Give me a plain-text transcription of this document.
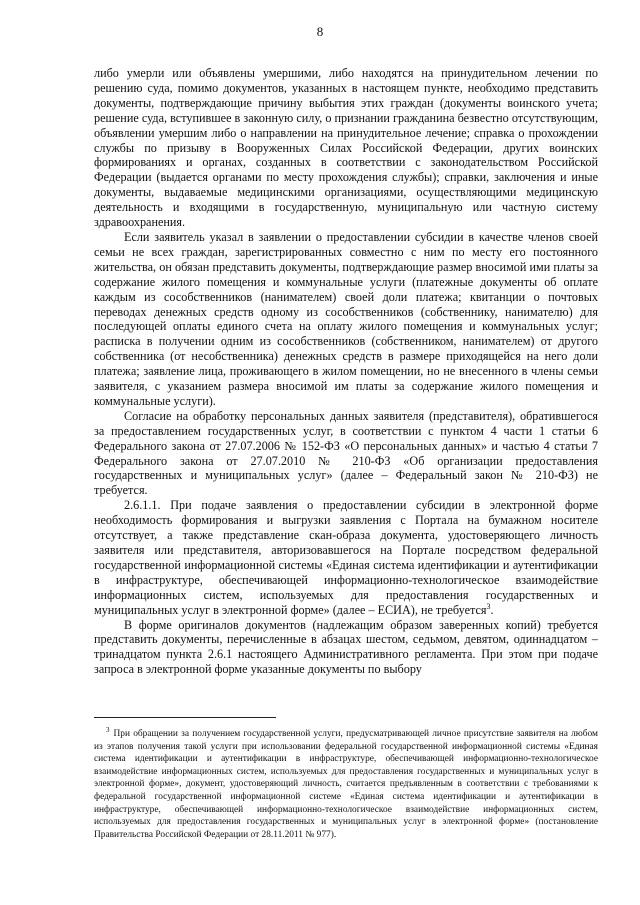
8

либо умерли или объявлены умершими, либо находятся на принудительном лечении по решению суда, помимо документов, указанных в настоящем пункте, необходимо представить документы, подтверждающие причину выбытия этих граждан (документы воинского учета; решение суда, вступившее в законную силу, о признании гражданина безвестно отсутствующим, объявлении умершим либо о направлении на принудительное лечение; справка о прохождении службы по призыву в Вооруженных Силах Российской Федерации, других воинских формированиях и органах, созданных в соответствии с законодательством Российской Федерации (выдается органами по месту прохождения службы); справки, заключения и иные документы, выдаваемые медицинскими организациями, осуществляющими медицинскую деятельность и входящими в государственную, муниципальную или частную систему здравоохранения.

Если заявитель указал в заявлении о предоставлении субсидии в качестве членов своей семьи не всех граждан, зарегистрированных совместно с ним по месту его постоянного жительства, он обязан представить документы, подтверждающие размер вносимой ими платы за содержание жилого помещения и коммунальные услуги (платежные документы об оплате каждым из сособственников (нанимателем) своей доли платежа; квитанции о почтовых переводах денежных средств одному из сособственников (собственнику, нанимателю) для последующей оплаты единого счета на оплату жилого помещения и коммунальных услуг; расписка в получении одним из сособственников (собственником, нанимателем) от другого собственника (от несобственника) денежных средств в размере приходящейся на него доли платежа; заявление лица, проживающего в жилом помещении, но не внесенного в члены семьи заявителя, с указанием размера вносимой им платы за содержание жилого помещения и коммунальные услуги).

Согласие на обработку персональных данных заявителя (представителя), обратившегося за предоставлением государственных услуг, в соответствии с пунктом 4 части 1 статьи 6 Федерального закона от 27.07.2006 № 152-ФЗ «О персональных данных» и частью 4 статьи 7 Федерального закона от 27.07.2010 № 210-ФЗ «Об организации предоставления государственных и муниципальных услуг» (далее – Федеральный закон № 210-ФЗ) не требуется.

2.6.1.1. При подаче заявления о предоставлении субсидии в электронной форме необходимость формирования и выгрузки заявления с Портала на бумажном носителе отсутствует, а также представление скан-образа документа, удостоверяющего личность заявителя или представителя, авторизовавшегося на Портале посредством федеральной государственной информационной системы «Единая система идентификации и аутентификации в инфраструктуре, обеспечивающей информационно-технологическое взаимодействие информационных систем, используемых для предоставления государственных и муниципальных услуг в электронной форме» (далее – ЕСИА), не требуется$^3$.

В форме оригиналов документов (надлежащим образом заверенных копий) требуется представить документы, перечисленные в абзацах шестом, седьмом, девятом, одиннадцатом – тринадцатом пункта 2.6.1 настоящего Административного регламента. При этом при подаче запроса в электронной форме указанные документы по выбору

$^3$ При обращении за получением государственной услуги, предусматривающей личное присутствие заявителя на любом из этапов получения такой услуги при использовании федеральной государственной информационной системы «Единая система идентификации и аутентификации в инфраструктуре, обеспечивающей информационно-технологическое взаимодействие информационных систем, используемых для предоставления государственных и муниципальных услуг в электронной форме», документ, удостоверяющий личность, считается предъявленным в соответствии с требованиями к федеральной государственной информационной системе «Единая система идентификации и аутентификации в инфраструктуре, обеспечивающей информационно-технологическое взаимодействие информационных систем, используемых для предоставления государственных и муниципальных услуг в электронной форме» (постановление Правительства Российской Федерации от 28.11.2011 № 977).
